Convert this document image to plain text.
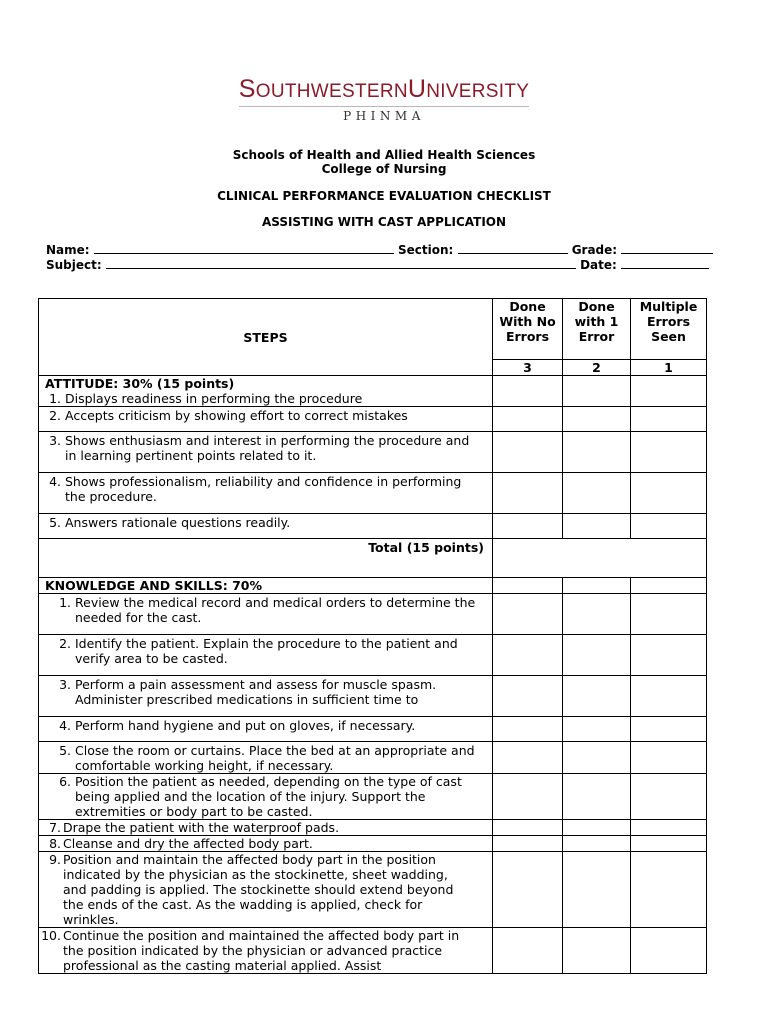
SOUTHWESTERNUNIVERSITY
PHINMA
Schools of Health and Allied Health Sciences
College of Nursing
CLINICAL PERFORMANCE EVALUATION CHECKLIST
ASSISTING WITH CAST APPLICATION
Name:	Section:	Grade:
Subject:	Date:
STEPS	Done With No Errors	Done with 1 Error	Multiple Errors Seen
	3	2	1
ATTITUDE: 30% (15 points)			
1. Displays readiness in performing the procedure			
2. Accepts criticism by showing effort to correct mistakes			
3. Shows enthusiasm and interest in performing the procedure and in learning pertinent points related to it.			
4. Shows professionalism, reliability and confidence in performing the procedure.			
5. Answers rationale questions readily.			
Total (15 points)			
KNOWLEDGE AND SKILLS: 70%			
1. Review the medical record and medical orders to determine the needed for the cast.			
2. Identify the patient. Explain the procedure to the patient and verify area to be casted.			
3. Perform a pain assessment and assess for muscle spasm. Administer prescribed medications in sufficient time to			
4. Perform hand hygiene and put on gloves, if necessary.			
5. Close the room or curtains. Place the bed at an appropriate and comfortable working height, if necessary.			
6. Position the patient as needed, depending on the type of cast being applied and the location of the injury. Support the extremities or body part to be casted.			
7. Drape the patient with the waterproof pads.			
8. Cleanse and dry the affected body part.			
9. Position and maintain the affected body part in the position indicated by the physician as the stockinette, sheet wadding, and padding is applied. The stockinette should extend beyond the ends of the cast. As the wadding is applied, check for wrinkles.			
10. Continue the position and maintained the affected body part in the position indicated by the physician or advanced practice professional as the casting material applied. Assist			
